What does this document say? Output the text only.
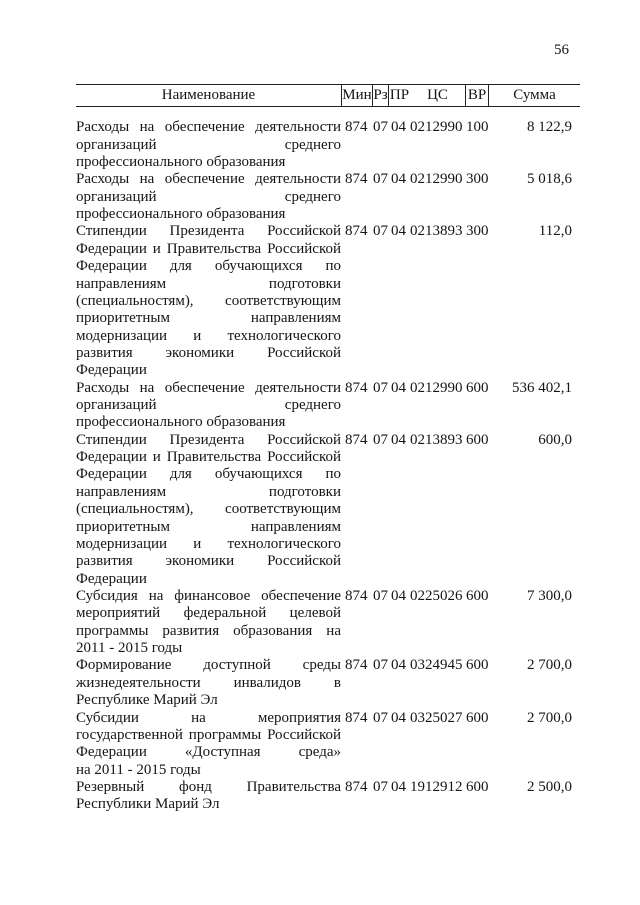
56
Наименование	Мин Рз ПР	ЦС	ВР	Сумма
Расходы на обеспечение деятельности
организаций среднего
профессионального образования
874 07 04 0212990 100	8 122,9
Расходы на обеспечение деятельности
организаций среднего
профессионального образования
874 07 04 0212990 300	5 018,6
Стипендии Президента Российской
Федерации и Правительства Российской
Федерации для обучающихся по
направлениям подготовки
(специальностям), соответствующим
приоритетным направлениям
модернизации и технологического
развития экономики Российской
Федерации
874 07 04 0213893 300	112,0
Расходы на обеспечение деятельности
организаций среднего
профессионального образования
874 07 04 0212990 600	536 402,1
Стипендии Президента Российской
Федерации и Правительства Российской
Федерации для обучающихся по
направлениям подготовки
(специальностям), соответствующим
приоритетным направлениям
модернизации и технологического
развития экономики Российской
Федерации
874 07 04 0213893 600	600,0
Субсидия на финансовое обеспечение
мероприятий федеральной целевой
программы развития образования на
2011 - 2015 годы
874 07 04 0225026 600	7 300,0
Формирование доступной среды
жизнедеятельности инвалидов в
Республике Марий Эл
874 07 04 0324945 600	2 700,0
Субсидии на мероприятия
государственной программы Российской
Федерации «Доступная среда»
на 2011 - 2015 годы
874 07 04 0325027 600	2 700,0
Резервный фонд Правительства
Республики Марий Эл
874 07 04 1912912 600	2 500,0
